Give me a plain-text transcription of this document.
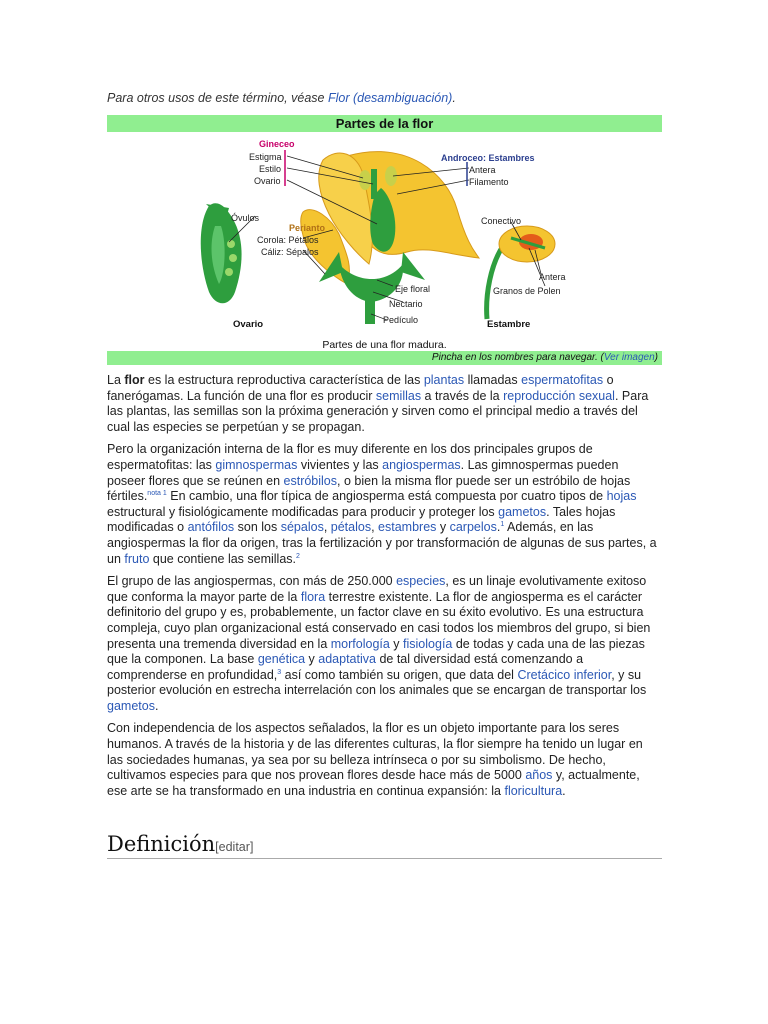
Para otros usos de este término, véase Flor (desambiguación).
Partes de la flor
Gineceo
Estigma
Estilo
Ovario
Androceo: Estambres
Antera
Filamento
Óvulos
Perianto
Corola: Pétalos
Cáliz: Sépalos
Conectivo
Antera
Granos de Polen
Eje floral
Nectario
Pedículo
Ovario	Estambre
Partes de una flor madura.
Pincha en los nombres para navegar. (Ver imagen)

La flor es la estructura reproductiva característica de las plantas llamadas espermatofitas o fanerógamas. La función de una flor es producir semillas a través de la reproducción sexual. Para las plantas, las semillas son la próxima generación y sirven como el principal medio a través del cual las especies se perpetúan y se propagan.

Pero la organización interna de la flor es muy diferente en los dos principales grupos de espermatofitas: las gimnospermas vivientes y las angiospermas. Las gimnospermas pueden poseer flores que se reúnen en estróbilos, o bien la misma flor puede ser un estróbilo de hojas fértiles.$^{nota 1}$ En cambio, una flor típica de angiosperma está compuesta por cuatro tipos de hojas estructural y fisiológicamente modificadas para producir y proteger los gametos. Tales hojas modificadas o antófilos son los sépalos, pétalos, estambres y carpelos.$^1$ Además, en las angiospermas la flor da origen, tras la fertilización y por transformación de algunas de sus partes, a un fruto que contiene las semillas.$^2$

El grupo de las angiospermas, con más de 250.000 especies, es un linaje evolutivamente exitoso que conforma la mayor parte de la flora terrestre existente. La flor de angiosperma es el carácter definitorio del grupo y es, probablemente, un factor clave en su éxito evolutivo. Es una estructura compleja, cuyo plan organizacional está conservado en casi todos los miembros del grupo, si bien presenta una tremenda diversidad en la morfología y fisiología de todas y cada una de las piezas que la componen. La base genética y adaptativa de tal diversidad está comenzando a comprenderse en profundidad,$^3$ así como también su origen, que data del Cretácico inferior, y su posterior evolución en estrecha interrelación con los animales que se encargan de transportar los gametos.

Con independencia de los aspectos señalados, la flor es un objeto importante para los seres humanos. A través de la historia y de las diferentes culturas, la flor siempre ha tenido un lugar en las sociedades humanas, ya sea por su belleza intrínseca o por su simbolismo. De hecho, cultivamos especies para que nos provean flores desde hace más de 5000 años y, actualmente, ese arte se ha transformado en una industria en continua expansión: la floricultura.

Definición[editar]
